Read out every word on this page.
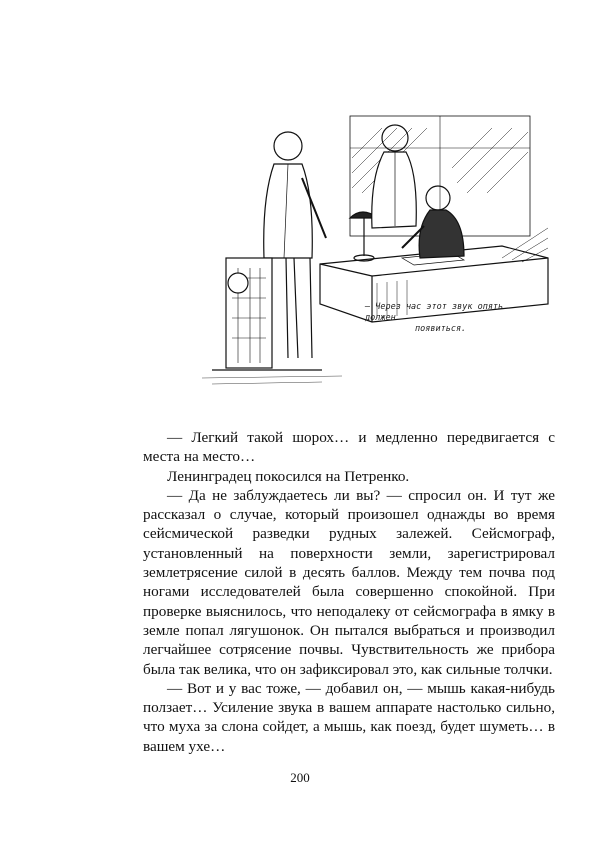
— Через час этот звук опять должен
появиться.

— Легкий такой шорох… и медленно передвигается с места на место…

Ленинградец покосился на Петренко.

— Да не заблуждаетесь ли вы? — спросил он. И тут же рассказал о случае, который произошел однажды во время сейсмической разведки рудных залежей. Сейсмограф, установленный на поверхности земли, зарегистрировал землетрясение силой в десять баллов. Между тем почва под ногами исследователей была совершенно спокойной. При проверке выяснилось, что неподалеку от сейсмографа в ямку в земле попал лягушонок. Он пытался выбраться и производил легчайшее сотрясение почвы. Чувствительность же прибора была так велика, что он зафиксировал это, как сильные толчки.

— Вот и у вас тоже, — добавил он, — мышь какая-нибудь ползает… Усиление звука в вашем аппарате настолько сильно, что муха за слона сойдет, а мышь, как поезд, будет шуметь… в вашем ухе…

200
